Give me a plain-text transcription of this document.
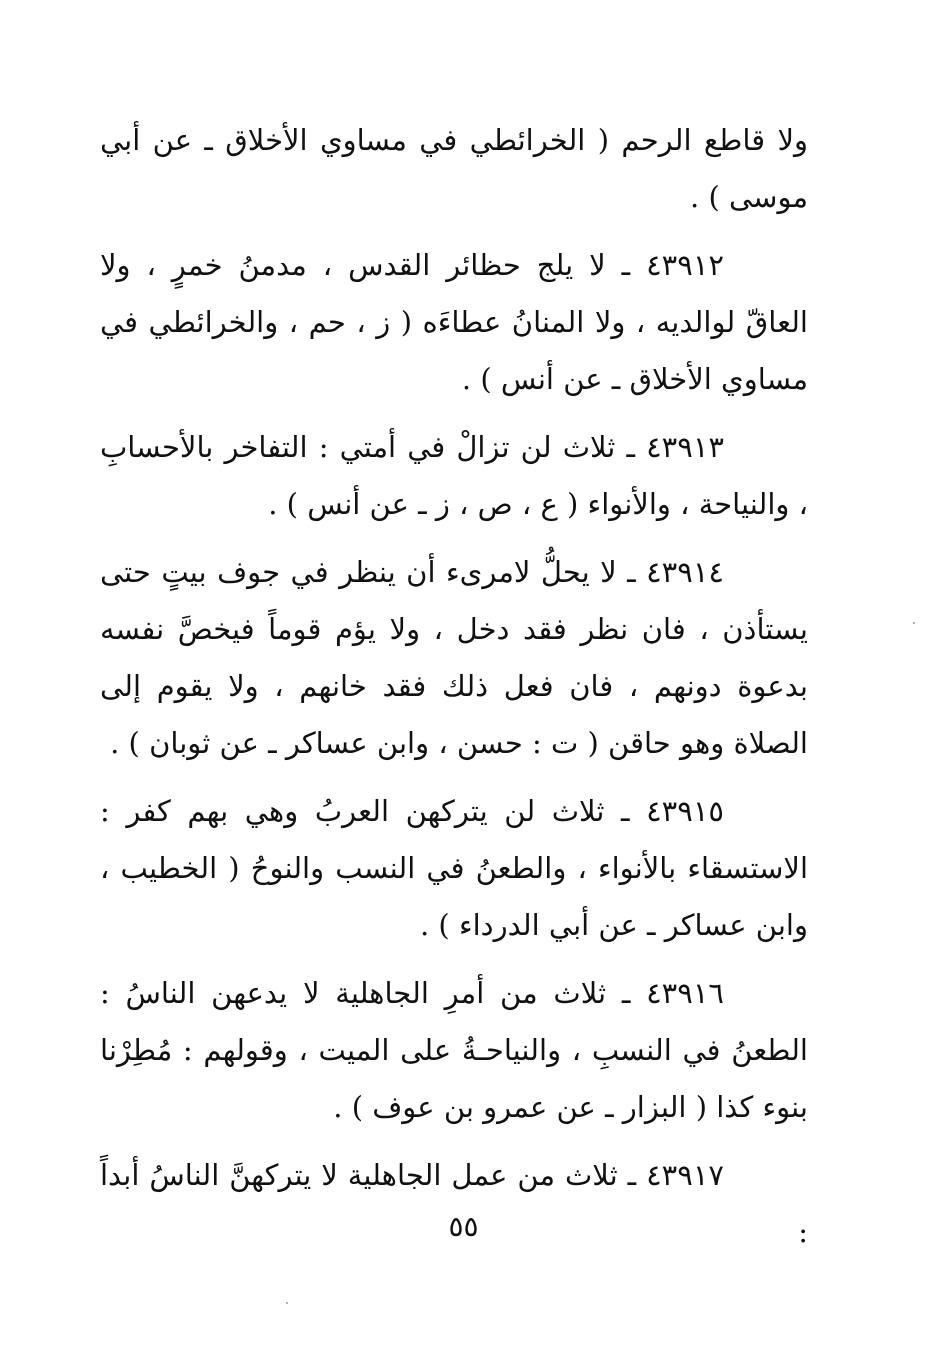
ولا قاطع الرحم ( الخرائطي في مساوي الأخلاق ـ عن أبي موسى ) .

٤٣٩١٢ ـ لا يلج حظائر القدس ، مدمنُ خمرٍ ، ولا العاقّ لوالديه ، ولا المنانُ عطاءَه ( ز ، حم ، والخرائطي في مساوي الأخلاق ـ عن أنس ) .

٤٣٩١٣ ـ ثلاث لن تزالْ في أمتي : التفاخر بالأحسابِ ، والنياحة ، والأنواء ( ع ، ص ، ز ـ عن أنس ) .

٤٣٩١٤ ـ لا يحلُّ لامرىء أن ينظر في جوف بيتٍ حتى يستأذن ، فان نظر فقد دخل ، ولا يؤم قوماً فيخصَّ نفسه بدعوة دونهم ، فان فعل ذلك فقد خانهم ، ولا يقوم إلى الصلاة وهو حاقن ( ت : حسن ، وابن عساكر ـ عن ثوبان ) .

٤٣٩١٥ ـ ثلاث لن يتركهن العربُ وهي بهم كفر : الاستسقاء بالأنواء ، والطعنُ في النسب والنوحُ ( الخطيب ، وابن عساكر ـ عن أبي الدرداء ) .

٤٣٩١٦ ـ ثلاث من أمرِ الجاهلية لا يدعهن الناسُ : الطعنُ في النسبِ ، والنياحـةُ على الميت ، وقولهم : مُطِرْنا بنوء كذا ( البزار ـ عن عمرو بن عوف ) .

٤٣٩١٧ ـ ثلاث من عمل الجاهلية لا يتركهنَّ الناسُ أبداً :

٥٥
